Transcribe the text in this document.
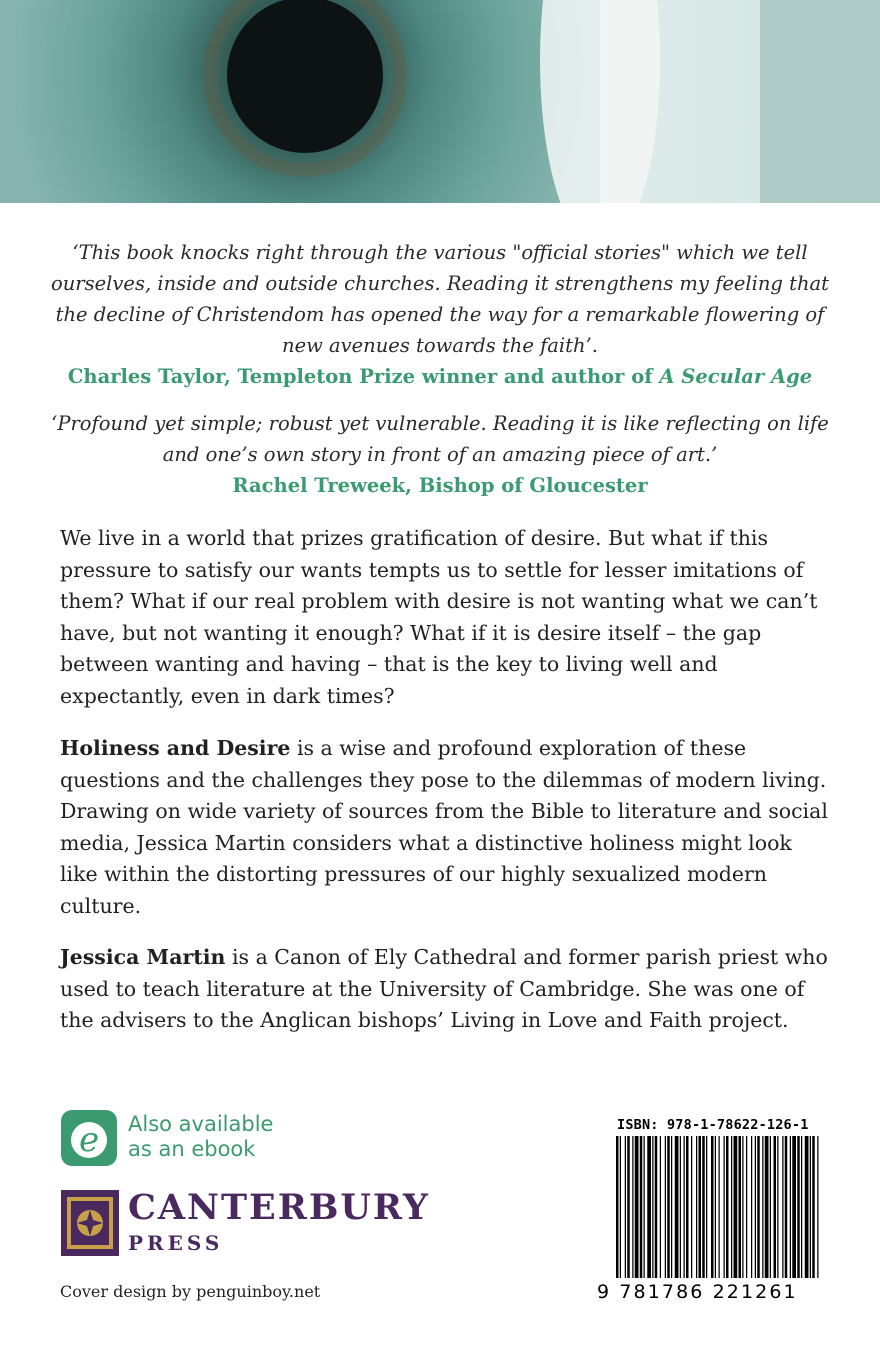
‘This book knocks right through the various "official stories" which we tell ourselves, inside and outside churches. Reading it strengthens my feeling that the decline of Christendom has opened the way for a remarkable flowering of new avenues towards the faith’.
Charles Taylor, Templeton Prize winner and author of A Secular Age
‘Profound yet simple; robust yet vulnerable. Reading it is like reflecting on life and one’s own story in front of an amazing piece of art.’
Rachel Treweek, Bishop of Gloucester

We live in a world that prizes gratification of desire. But what if this pressure to satisfy our wants tempts us to settle for lesser imitations of them? What if our real problem with desire is not wanting what we can’t have, but not wanting it enough? What if it is desire itself – the gap between wanting and having – that is the key to living well and expectantly, even in dark times?

Holiness and Desire is a wise and profound exploration of these questions and the challenges they pose to the dilemmas of modern living. Drawing on wide variety of sources from the Bible to literature and social media, Jessica Martin considers what a distinctive holiness might look like within the distorting pressures of our highly sexualized modern culture.

Jessica Martin is a Canon of Ely Cathedral and former parish priest who used to teach literature at the University of Cambridge. She was one of the advisers to the Anglican bishops’ Living in Love and Faith project.

e Also available
as an ebook
CANTERBURY
PRESS
Cover design by penguinboy.net
ISBN: 978-1-78622-126-1
9 781786 221261
